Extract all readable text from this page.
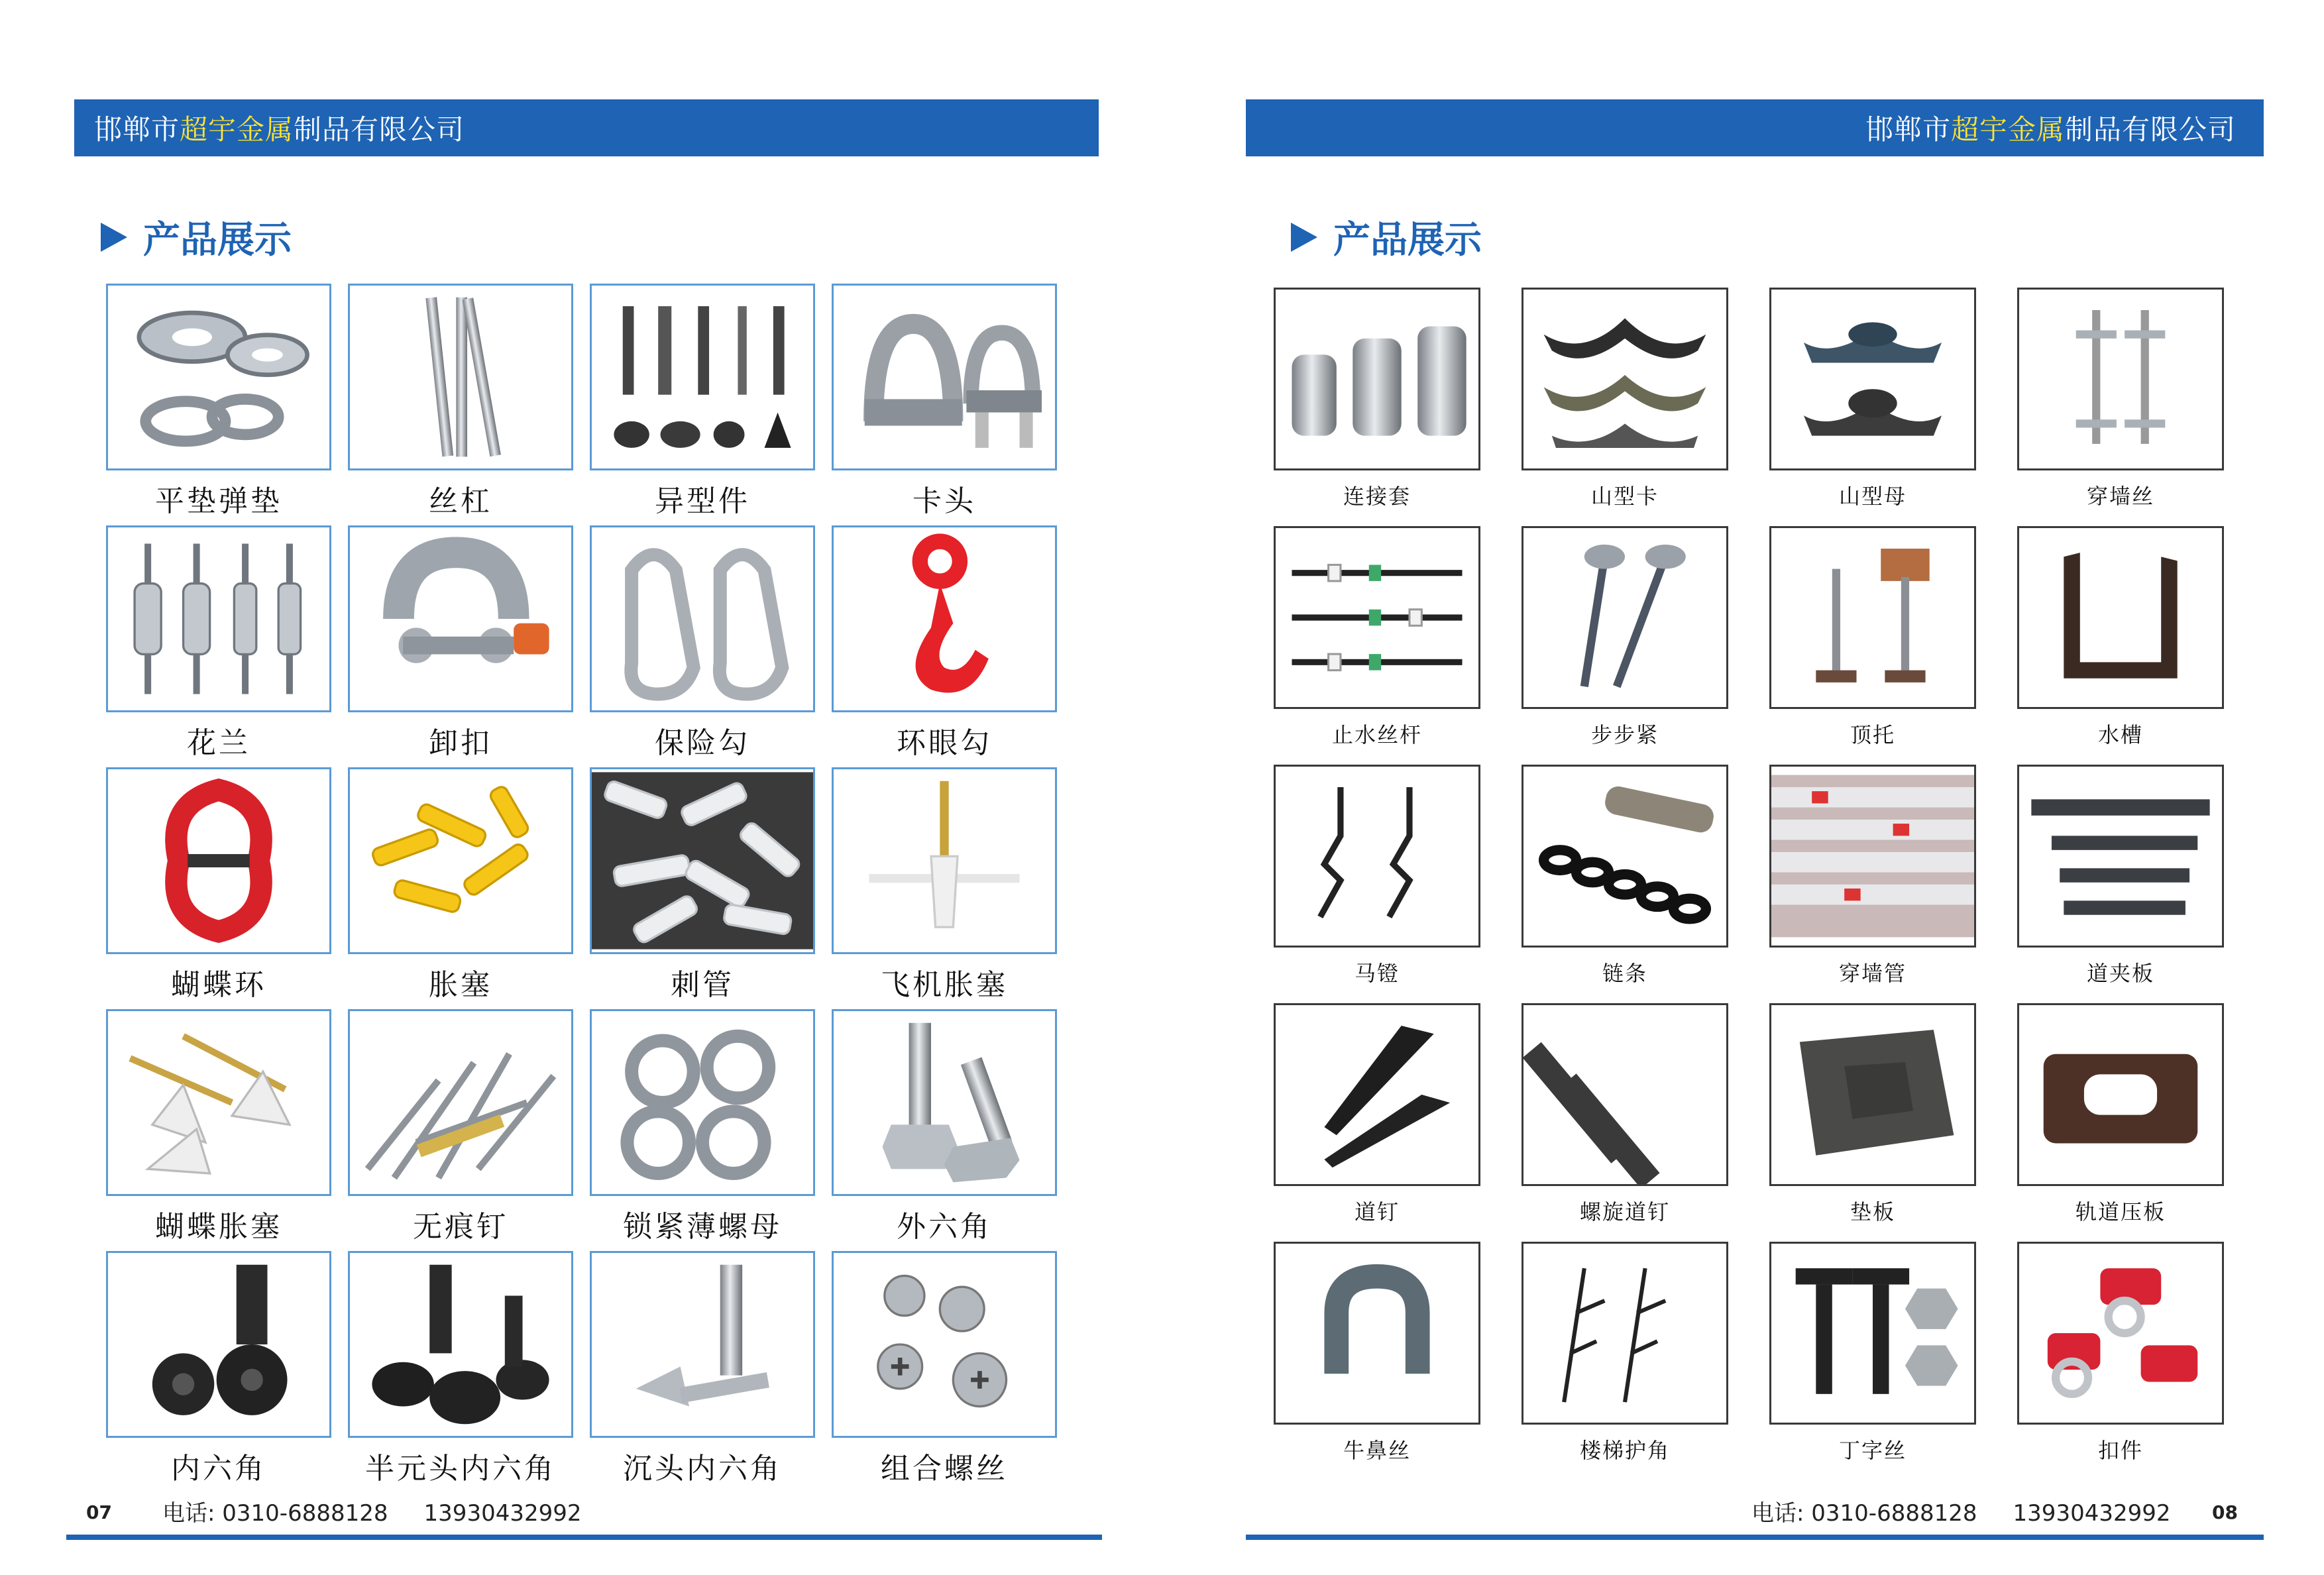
邯郸市 超宇金属 制品有限公司
产品展示
平垫弹垫	丝杠	异型件	卡头
花兰	卸扣	保险勾	环眼勾
蝴蝶环	胀塞	刺管	飞机胀塞
蝴蝶胀塞	无痕钉	锁紧薄螺母	外六角
内六角	半元头内六角	沉头内六角	组合螺丝
电话: 0310-6888128 13930432992
07
邯郸市 超宇金属 制品有限公司
产品展示
连接套	山型卡	山型母	穿墙丝
止水丝杆	步步紧	顶托	水槽
马镫	链条	穿墙管	道夹板
道钉	螺旋道钉	垫板	轨道压板
牛鼻丝	楼梯护角	丁字丝	扣件
电话: 0310-6888128 13930432992 08
